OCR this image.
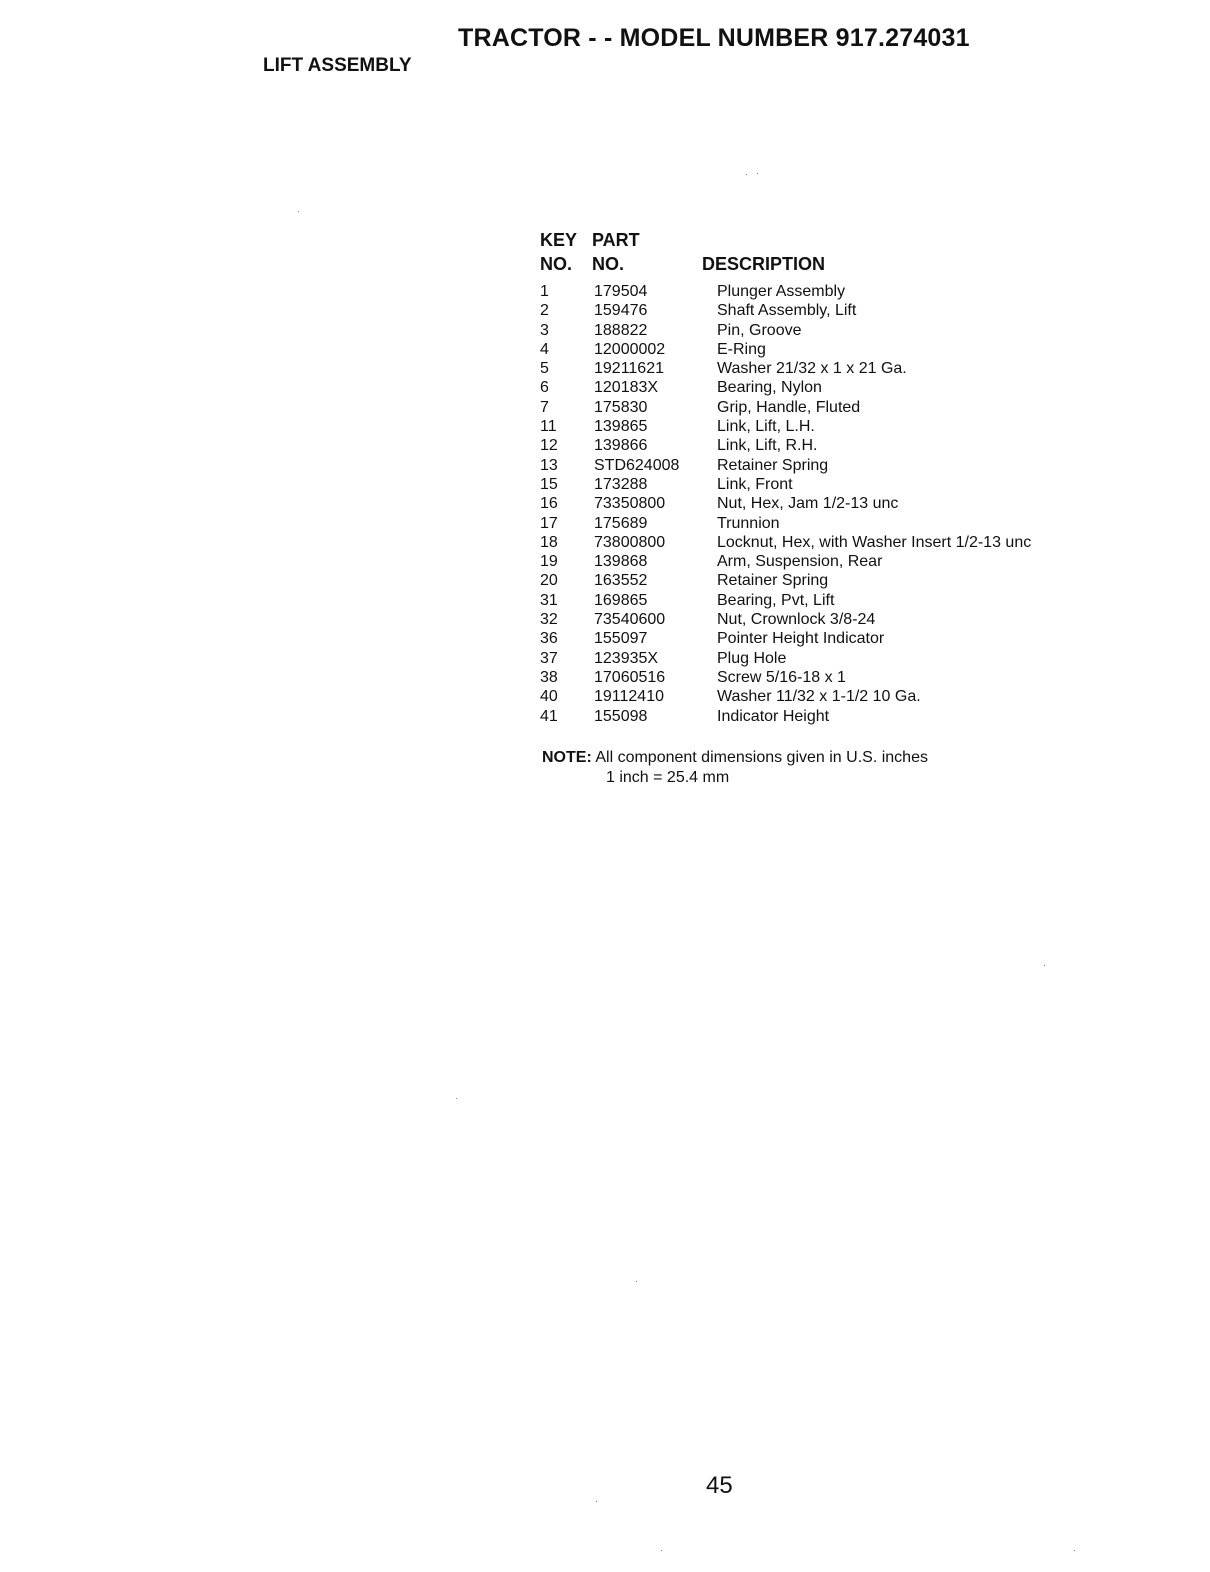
TRACTOR - - MODEL NUMBER 917.274031
LIFT ASSEMBLY
KEY PART
NO. NO.	DESCRIPTION
1	179504	Plunger Assembly
2	159476	Shaft Assembly, Lift
3	188822	Pin, Groove
4	12000002	E-Ring
5	19211621	Washer 21/32 x 1 x 21 Ga.
6	120183X	Bearing, Nylon
7	175830	Grip, Handle, Fluted
11 139865	Link, Lift, L.H.
12 139866	Link, Lift, R.H.
13 STD624008 Retainer Spring
15 173288	Link, Front
16 73350800	Nut, Hex, Jam 1/2-13 unc
17 175689	Trunnion
18 73800800	Locknut, Hex, with Washer Insert 1/2-13 unc
19 139868	Arm, Suspension, Rear
20 163552	Retainer Spring
31 169865	Bearing, Pvt, Lift
32 73540600	Nut, Crownlock 3/8-24
36 155097	Pointer Height Indicator
37 123935X	Plug Hole
38 17060516	Screw 5/16-18 x 1
40 19112410	Washer 11/32 x 1-1/2 10 Ga.
41 155098	Indicator Height
NOTE: All component dimensions given in U.S. inches
1 inch = 25.4 mm
45
